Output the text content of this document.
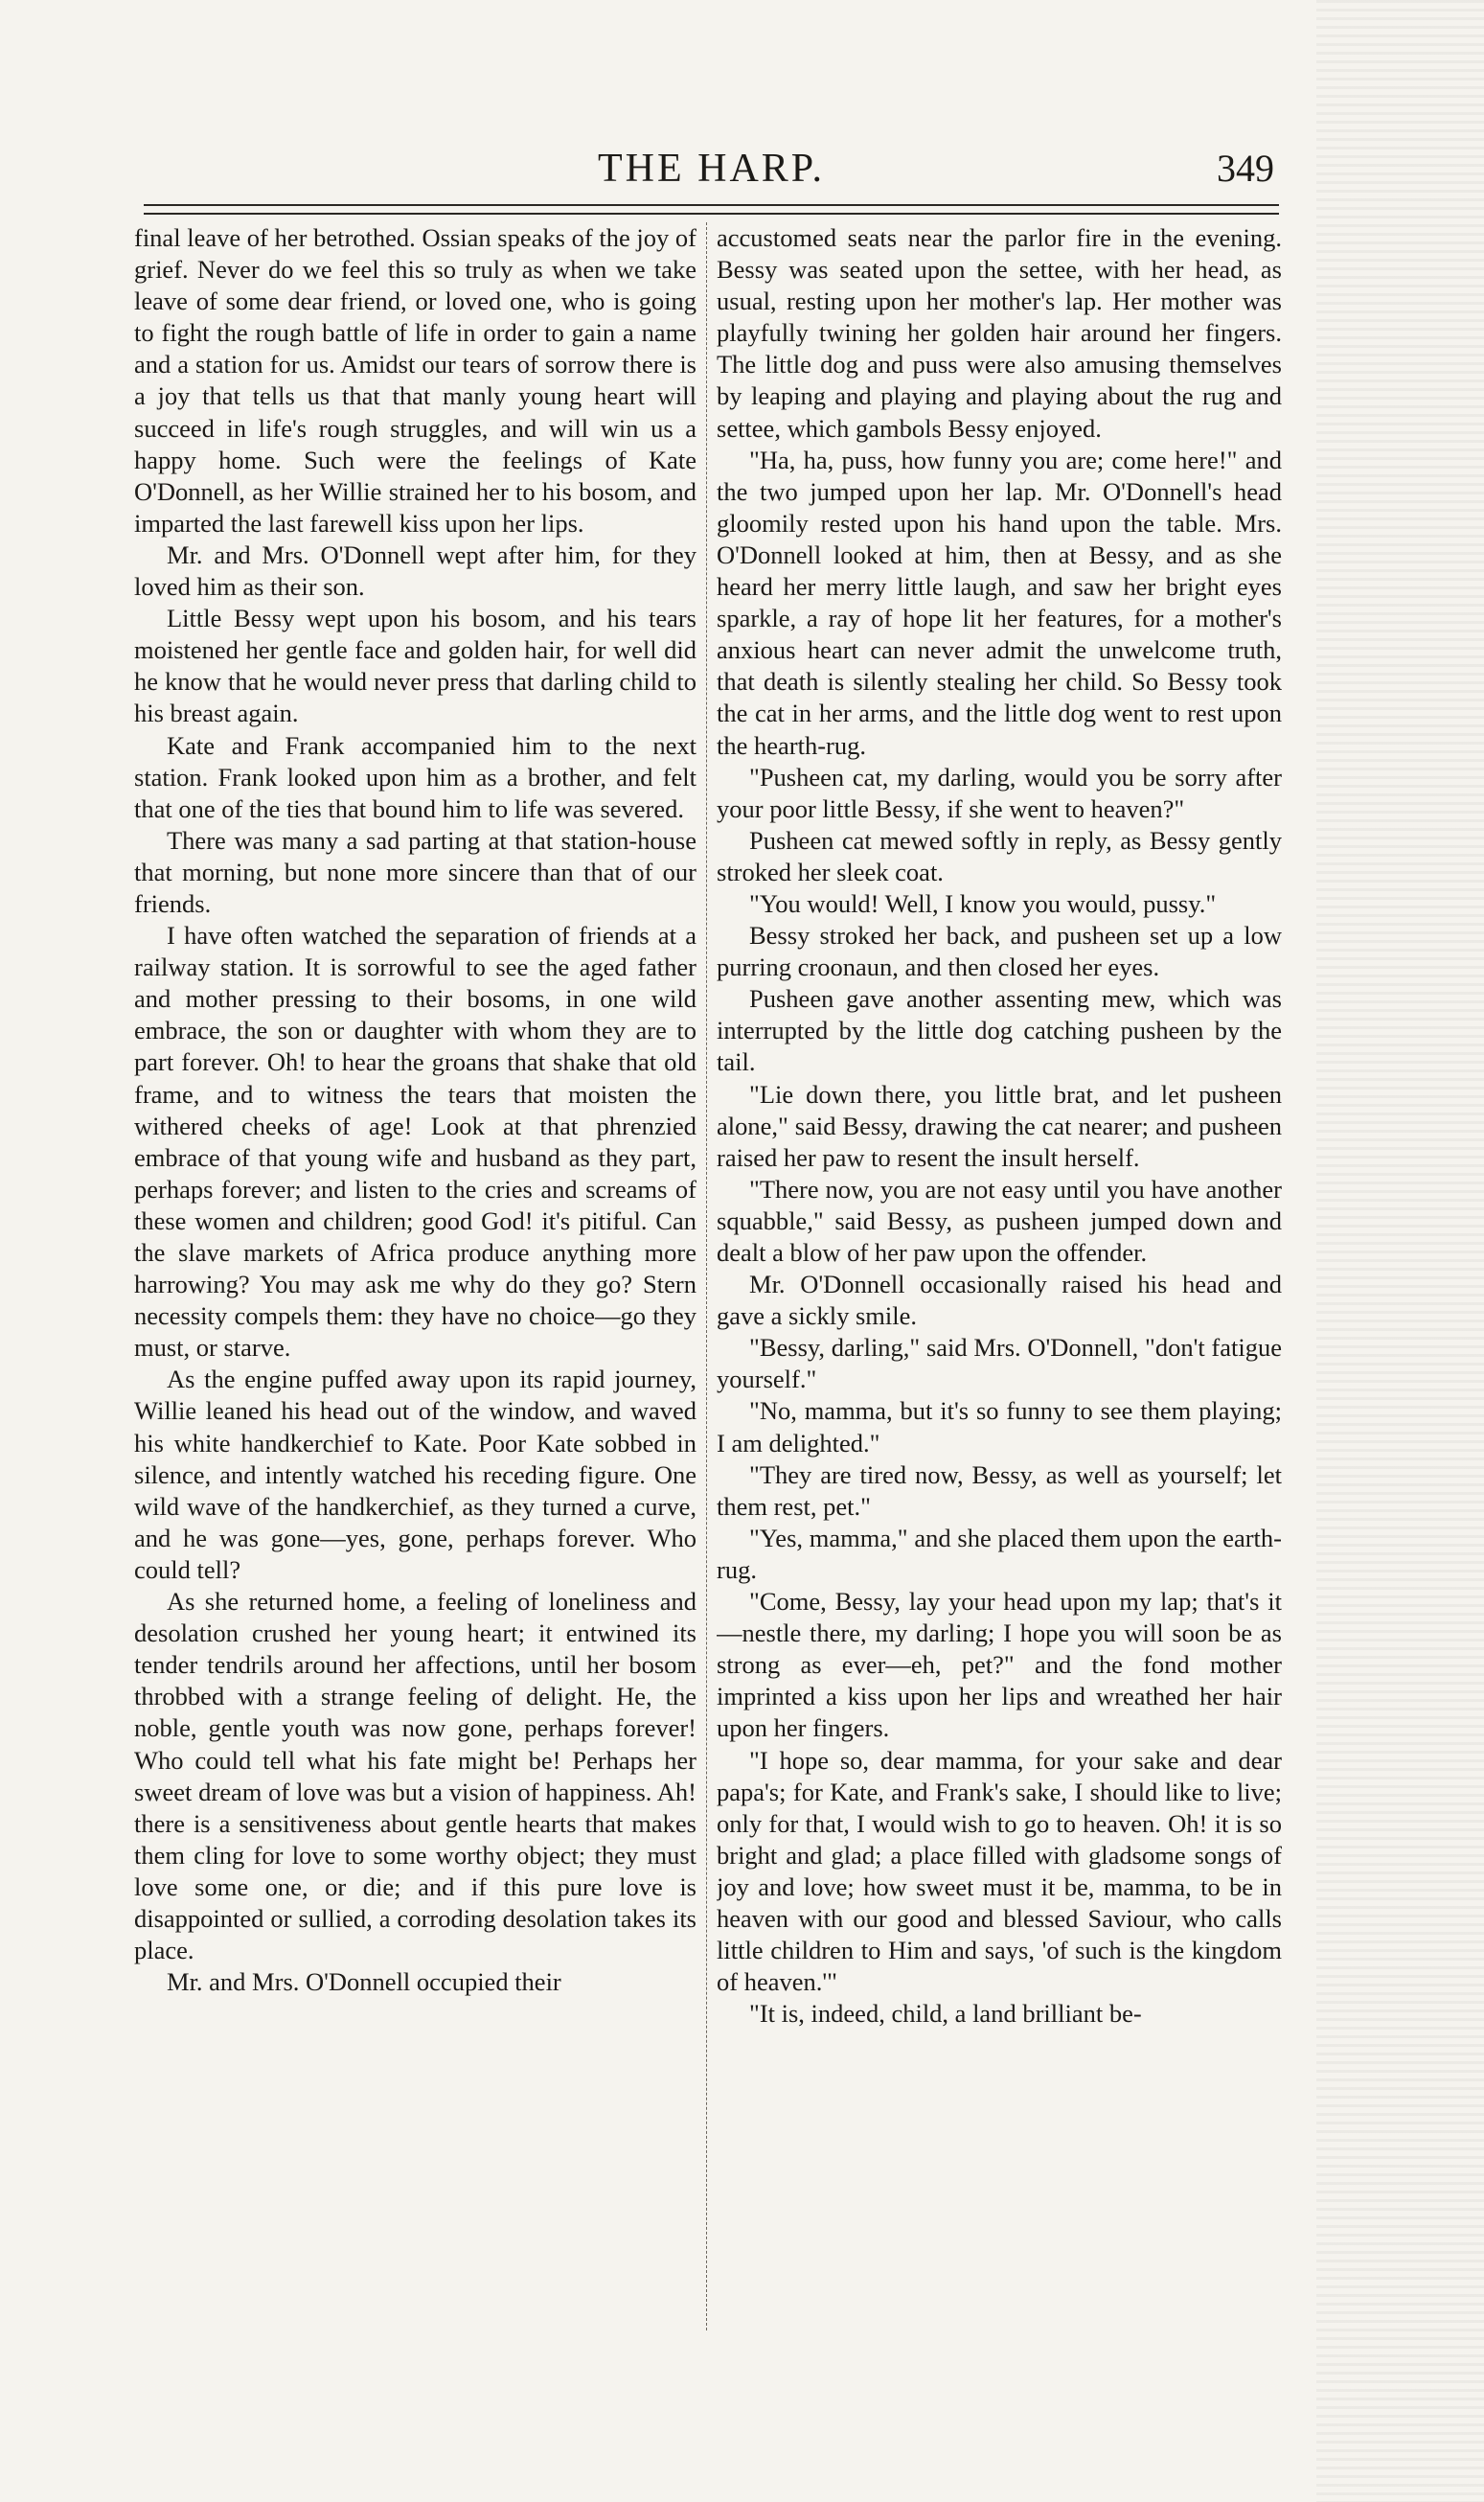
THE HARP.	349

final leave of her betrothed. Ossian speaks of the joy of grief. Never do we feel this so truly as when we take leave of some dear friend, or loved one, who is going to fight the rough battle of life in order to gain a name and a station for us. Amidst our tears of sorrow there is a joy that tells us that that manly young heart will succeed in life's rough struggles, and will win us a happy home. Such were the feelings of Kate O'Donnell, as her Willie strained her to his bosom, and imparted the last farewell kiss upon her lips.

Mr. and Mrs. O'Donnell wept after him, for they loved him as their son.

Little Bessy wept upon his bosom, and his tears moistened her gentle face and golden hair, for well did he know that he would never press that darling child to his breast again.

Kate and Frank accompanied him to the next station. Frank looked upon him as a brother, and felt that one of the ties that bound him to life was severed.

There was many a sad parting at that station-house that morning, but none more sincere than that of our friends.

I have often watched the separation of friends at a railway station. It is sorrowful to see the aged father and mother pressing to their bosoms, in one wild embrace, the son or daughter with whom they are to part forever. Oh! to hear the groans that shake that old frame, and to witness the tears that moisten the withered cheeks of age! Look at that phrenzied embrace of that young wife and husband as they part, perhaps forever; and listen to the cries and screams of these women and children; good God! it's pitiful. Can the slave markets of Africa produce anything more harrowing? You may ask me why do they go? Stern necessity compels them: they have no choice—go they must, or starve.

As the engine puffed away upon its rapid journey, Willie leaned his head out of the window, and waved his white handkerchief to Kate. Poor Kate sobbed in silence, and intently watched his receding figure. One wild wave of the handkerchief, as they turned a curve, and he was gone—yes, gone, perhaps forever. Who could tell?

As she returned home, a feeling of loneliness and desolation crushed her young heart; it entwined its tender tendrils around her affections, until her bosom throbbed with a strange feeling of delight. He, the noble, gentle youth was now gone, perhaps forever! Who could tell what his fate might be! Perhaps her sweet dream of love was but a vision of happiness. Ah! there is a sensitiveness about gentle hearts that makes them cling for love to some worthy object; they must love some one, or die; and if this pure love is disappointed or sullied, a corroding desolation takes its place.

Mr. and Mrs. O'Donnell occupied their

accustomed seats near the parlor fire in the evening. Bessy was seated upon the settee, with her head, as usual, resting upon her mother's lap. Her mother was playfully twining her golden hair around her fingers. The little dog and puss were also amusing themselves by leaping and playing and playing about the rug and settee, which gambols Bessy enjoyed.

"Ha, ha, puss, how funny you are; come here!" and the two jumped upon her lap. Mr. O'Donnell's head gloomily rested upon his hand upon the table. Mrs. O'Donnell looked at him, then at Bessy, and as she heard her merry little laugh, and saw her bright eyes sparkle, a ray of hope lit her features, for a mother's anxious heart can never admit the unwelcome truth, that death is silently stealing her child. So Bessy took the cat in her arms, and the little dog went to rest upon the hearth-rug.

"Pusheen cat, my darling, would you be sorry after your poor little Bessy, if she went to heaven?"

Pusheen cat mewed softly in reply, as Bessy gently stroked her sleek coat.

"You would! Well, I know you would, pussy."

Bessy stroked her back, and pusheen set up a low purring croonaun, and then closed her eyes.

Pusheen gave another assenting mew, which was interrupted by the little dog catching pusheen by the tail.

"Lie down there, you little brat, and let pusheen alone," said Bessy, drawing the cat nearer; and pusheen raised her paw to resent the insult herself.

"There now, you are not easy until you have another squabble," said Bessy, as pusheen jumped down and dealt a blow of her paw upon the offender.

Mr. O'Donnell occasionally raised his head and gave a sickly smile.

"Bessy, darling," said Mrs. O'Donnell, "don't fatigue yourself."

"No, mamma, but it's so funny to see them playing; I am delighted."

"They are tired now, Bessy, as well as yourself; let them rest, pet."

"Yes, mamma," and she placed them upon the earth-rug.

"Come, Bessy, lay your head upon my lap; that's it—nestle there, my darling; I hope you will soon be as strong as ever—eh, pet?" and the fond mother imprinted a kiss upon her lips and wreathed her hair upon her fingers.

"I hope so, dear mamma, for your sake and dear papa's; for Kate, and Frank's sake, I should like to live; only for that, I would wish to go to heaven. Oh! it is so bright and glad; a place filled with gladsome songs of joy and love; how sweet must it be, mamma, to be in heaven with our good and blessed Saviour, who calls little children to Him and says, 'of such is the kingdom of heaven.'"

"It is, indeed, child, a land brilliant be-
